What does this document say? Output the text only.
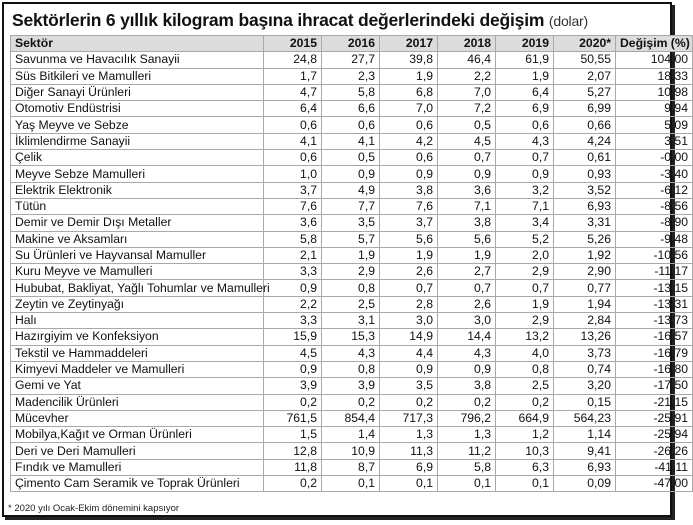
Sektörlerin 6 yıllık kilogram başına ihracat değerlerindeki değişim (dolar)
Sektör	2015	2016	2017	2018	2019	2020*	Değişim (%)
Savunma ve Havacılık Sanayii	24,8	27,7	39,8	46,4	61,9	50,55	104,00
Süs Bitkileri ve Mamulleri	1,7	2,3	1,9	2,2	1,9	2,07	18,33
Diğer Sanayi Ürünleri	4,7	5,8	6,8	7,0	6,4	5,27	10,98
Otomotiv Endüstrisi	6,4	6,6	7,0	7,2	6,9	6,99	9,94
Yaş Meyve ve Sebze	0,6	0,6	0,6	0,5	0,6	0,66	5,09
İklimlendirme Sanayii	4,1	4,1	4,2	4,5	4,3	4,24	3,51
Çelik	0,6	0,5	0,6	0,7	0,7	0,61	-0,00
Meyve Sebze Mamulleri	1,0	0,9	0,9	0,9	0,9	0,93	-3,40
Elektrik Elektronik	3,7	4,9	3,8	3,6	3,2	3,52	-6,12
Tütün	7,6	7,7	7,6	7,1	7,1	6,93	-8,56
Demir ve Demir Dışı Metaller	3,6	3,5	3,7	3,8	3,4	3,31	-8,90
Makine ve Aksamları	5,8	5,7	5,6	5,6	5,2	5,26	-9,48
Su Ürünleri ve Hayvansal Mamuller	2,1	1,9	1,9	1,9	2,0	1,92	-10,56
Kuru Meyve ve Mamulleri	3,3	2,9	2,6	2,7	2,9	2,90	-11,17
Hububat, Bakliyat, Yağlı Tohumlar ve Mamulleri	0,9	0,8	0,7	0,7	0,7	0,77	-13,15
Zeytin ve Zeytinyağı	2,2	2,5	2,8	2,6	1,9	1,94	-13,31
Halı	3,3	3,1	3,0	3,0	2,9	2,84	-13,73
Hazırgiyim ve Konfeksiyon	15,9	15,3	14,9	14,4	13,2	13,26	-16,57
Tekstil ve Hammaddeleri	4,5	4,3	4,4	4,3	4,0	3,73	-16,79
Kimyevi Maddeler ve Mamulleri	0,9	0,8	0,9	0,9	0,8	0,74	-16,80
Gemi ve Yat	3,9	3,9	3,5	3,8	2,5	3,20	-17,50
Madencilik Ürünleri	0,2	0,2	0,2	0,2	0,2	0,15	-21,15
Mücevher	761,5	854,4	717,3	796,2	664,9	564,23	-25,91
Mobilya,Kağıt ve Orman Ürünleri	1,5	1,4	1,3	1,3	1,2	1,14	-25,94
Deri ve Deri Mamulleri	12,8	10,9	11,3	11,2	10,3	9,41	-26,26
Fındık ve Mamulleri	11,8	8,7	6,9	5,8	6,3	6,93	-41,11
Çimento Cam Seramik ve Toprak Ürünleri	0,2	0,1	0,1	0,1	0,1	0,09	-47,00
* 2020 yılı Ocak-Ekim dönemini kapsıyor
